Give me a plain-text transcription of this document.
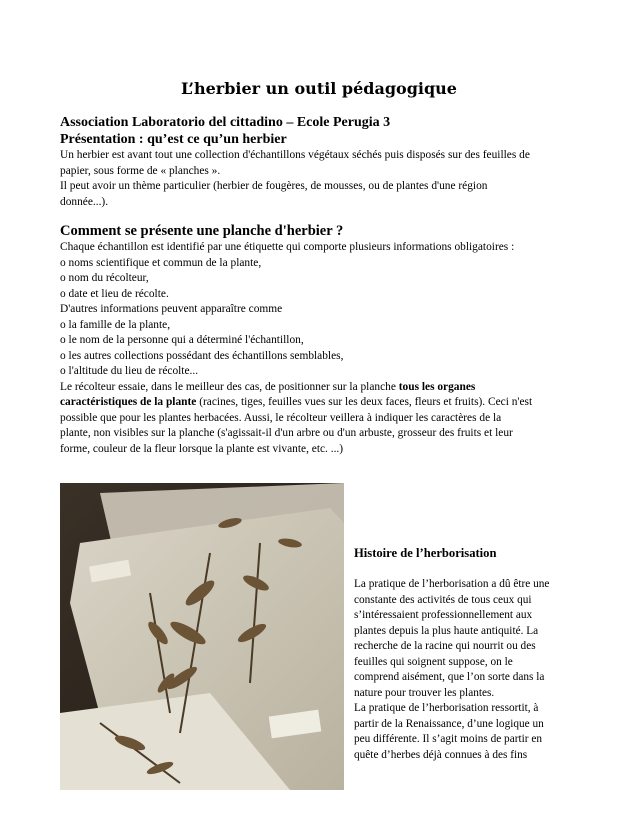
L’herbier un outil pédagogique

Association Laboratorio del cittadino – Ecole Perugia 3

Présentation : qu’est ce qu’un herbier

Un herbier est avant tout une collection d'échantillons végétaux séchés puis disposés sur des feuilles de

papier, sous forme de « planches ».

Il peut avoir un thème particulier (herbier de fougères, de mousses, ou de plantes d'une région

donnée...).

Comment se présente une planche d'herbier ?

Chaque échantillon est identifié par une étiquette qui comporte plusieurs informations obligatoires :

o noms scientifique et commun de la plante,

o nom du récolteur,

o date et lieu de récolte.

D'autres informations peuvent apparaître comme

o la famille de la plante,

o le nom de la personne qui a déterminé l'échantillon,

o les autres collections possédant des échantillons semblables,

o l'altitude du lieu de récolte...

Le récolteur essaie, dans le meilleur des cas, de positionner sur la planche tous les organes

caractéristiques de la plante (racines, tiges, feuilles vues sur les deux faces, fleurs et fruits). Ceci n'est

possible que pour les plantes herbacées. Aussi, le récolteur veillera à indiquer les caractères de la

plante, non visibles sur la planche (s'agissait-il d'un arbre ou d'un arbuste, grosseur des fruits et leur

forme, couleur de la fleur lorsque la plante est vivante, etc. ...)

Histoire de l’herborisation

La pratique de l’herborisation a dû être une

constante des activités de tous ceux qui

s’intéressaient professionnellement aux

plantes depuis la plus haute antiquité. La

recherche de la racine qui nourrit ou des

feuilles qui soignent suppose, on le

comprend aisément, que l’on sorte dans la

nature pour trouver les plantes.

La pratique de l’herborisation ressortit, à

partir de la Renaissance, d’une logique un

peu différente. Il s’agit moins de partir en

quête d’herbes déjà connues à des fins
